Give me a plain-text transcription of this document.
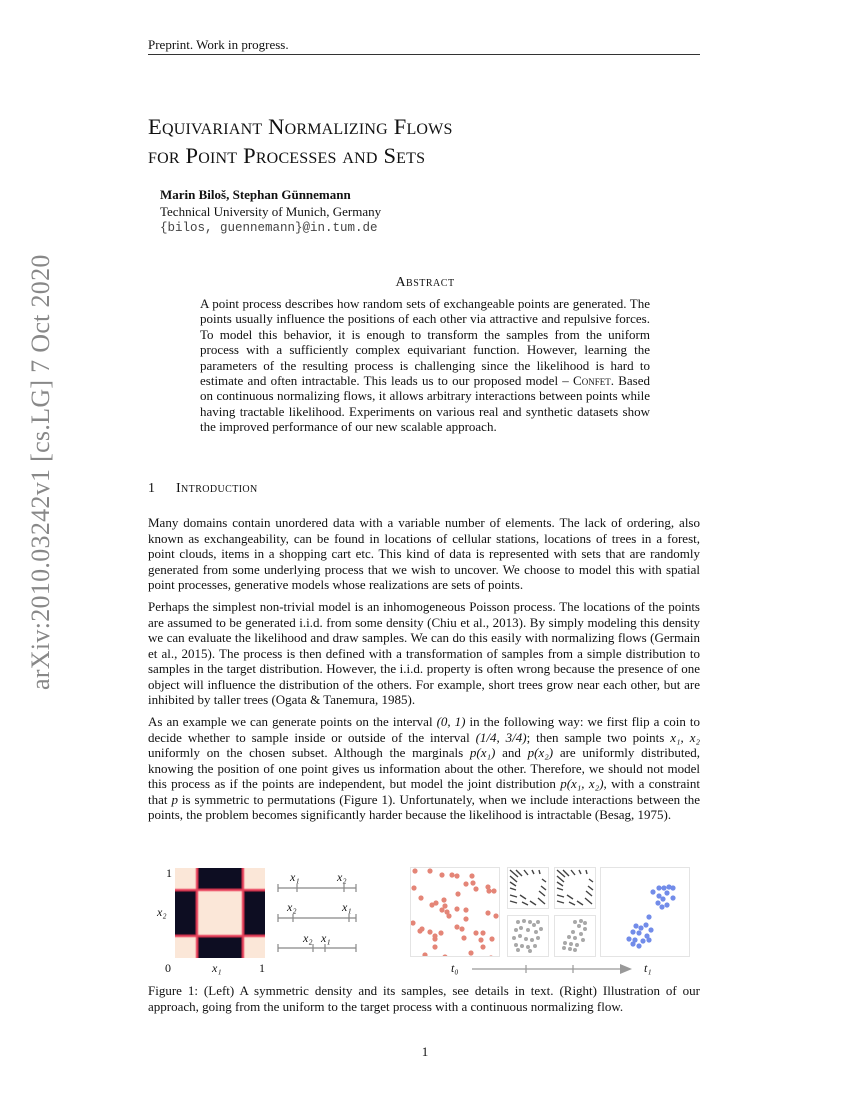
arXiv:2010.03242v1 [cs.LG] 7 Oct 2020
Preprint. Work in progress.
Equivariant Normalizing Flows
for Point Processes and Sets
Marin Biloš, Stephan Günnemann
Technical University of Munich, Germany
{bilos, guennemann}@in.tum.de
Abstract
A point process describes how random sets of exchangeable points are generated. The points usually influence the positions of each other via attractive and repulsive forces. To model this behavior, it is enough to transform the samples from the uniform process with a sufficiently complex equivariant function. However, learning the parameters of the resulting process is challenging since the likelihood is hard to estimate and often intractable. This leads us to our proposed model – Confet. Based on continuous normalizing flows, it allows arbitrary interactions between points while having tractable likelihood. Experiments on various real and synthetic datasets show the improved performance of our new scalable approach.
1 Introduction
Many domains contain unordered data with a variable number of elements. The lack of ordering, also known as exchangeability, can be found in locations of cellular stations, locations of trees in a forest, point clouds, items in a shopping cart etc. This kind of data is represented with sets that are randomly generated from some underlying process that we wish to uncover. We choose to model this with spatial point processes, generative models whose realizations are sets of points.
Perhaps the simplest non-trivial model is an inhomogeneous Poisson process. The locations of the points are assumed to be generated i.i.d. from some density (Chiu et al., 2013). By simply modeling this density we can evaluate the likelihood and draw samples. We can do this easily with normalizing flows (Germain et al., 2015). The process is then defined with a transformation of samples from a simple distribution to samples in the target distribution. However, the i.i.d. property is often wrong because the presence of one object will influence the distribution of the others. For example, short trees grow near each other, but are inhibited by taller trees (Ogata & Tanemura, 1985).
As an example we can generate points on the interval (0, 1) in the following way: we first flip a coin to decide whether to sample inside or outside of the interval (1/4, 3/4); then sample two points x₁, x₂ uniformly on the chosen subset. Although the marginals p(x₁) and p(x₂) are uniformly distributed, knowing the position of one point gives us information about the other. Therefore, we should not model this process as if the points are independent, but model the joint distribution p(x₁, x₂), with a constraint that p is symmetric to permutations (Figure 1). Unfortunately, when we include interactions between the points, the problem becomes significantly harder because the likelihood is intractable (Besag, 1975).
1
x₂
0	x₁	1
x₁	x₂
x₂	x₁
x₂ x₁
t₀	t₁
Figure 1: (Left) A symmetric density and its samples, see details in text. (Right) Illustration of our approach, going from the uniform to the target process with a continuous normalizing flow.
1
